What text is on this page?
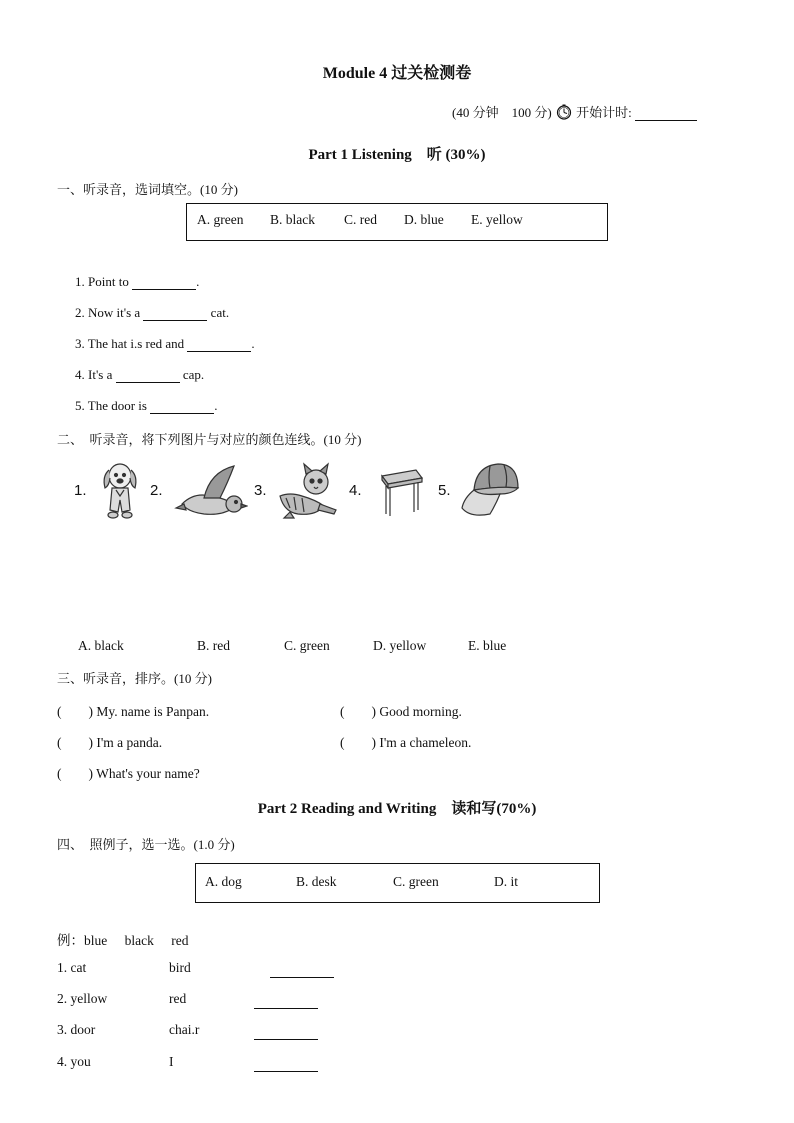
Module 4 过关检测卷
(40 分钟　100 分) 开始计时:
Part 1 Listening　听 (30%)
一、听录音，选词填空。(10 分)
A. green B. black C. red D. blue E. yellow
1. Point to	.
2. Now it's a	cat.
3. The hat i.s red and	.
4. It's a	cap.
5. The door is	.
二、　听录音，将下列图片与对应的颜色连线。(10 分)
1.	2.	3.	4.	5.
A. black	B. red	C. green	D. yellow	E. blue
三、听录音，排序。(10 分)
(　　) My. name is Panpan.	(　　) Good morning.
(　　) I'm a panda.	(　　) I'm a chameleon.
(　　) What's your name?
Part 2 Reading and Writing　读和写(70%)
四、　照例子，选一选。(1.0 分)
A. dog	B. desk	C. green	D. it
例：blue black red
1. cat	bird
2. yellow	red
3. door	chai.r
4. you	I
